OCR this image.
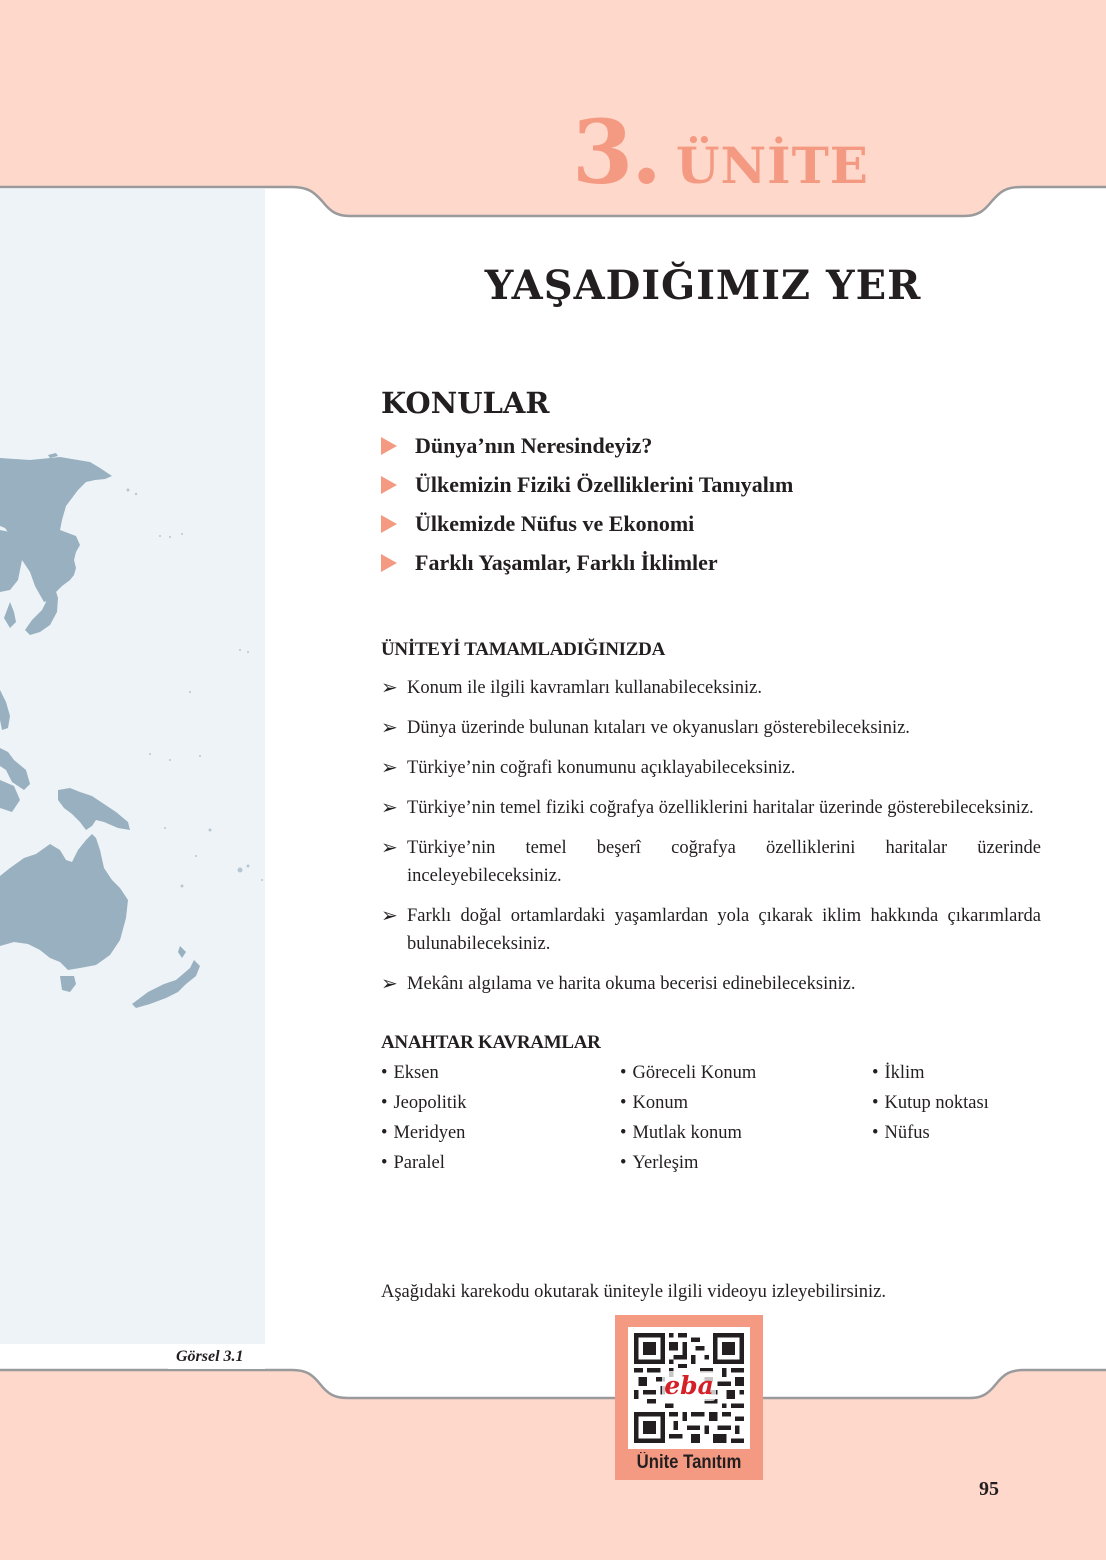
3. ÜNİTE
YAŞADIĞIMIZ YER
KONULAR
Dünya’nın Neresindeyiz?
Ülkemizin Fiziki Özelliklerini Tanıyalım
Ülkemizde Nüfus ve Ekonomi
Farklı Yaşamlar, Farklı İklimler
ÜNİTEYİ TAMAMLADIĞINIZDA
➢ Konum ile ilgili kavramları kullanabileceksiniz.
➢ Dünya üzerinde bulunan kıtaları ve okyanusları gösterebileceksiniz.
➢ Türkiye’nin coğrafi konumunu açıklayabileceksiniz.
➢ Türkiye’nin temel fiziki coğrafya özelliklerini haritalar üzerinde gösterebileceksiniz.
➢ Türkiye’nin temel beşerî coğrafya özelliklerini haritalar üzerinde inceleyebileceksiniz.
➢ Farklı doğal ortamlardaki yaşamlardan yola çıkarak iklim hakkında çıkarımlarda bulunabileceksiniz.
➢ Mekânı algılama ve harita okuma becerisi edinebileceksiniz.
ANAHTAR KAVRAMLAR
• Eksen
• Jeopolitik
• Meridyen
• Paralel
• Göreceli Konum
• Konum
• Mutlak konum
• Yerleşim
• İklim
• Kutup noktası
• Nüfus

Aşağıdaki karekodu okutarak üniteyle ilgili videoyu izleyebilirsiniz.

eba
Ünite Tanıtım
Görsel 3.1
95
